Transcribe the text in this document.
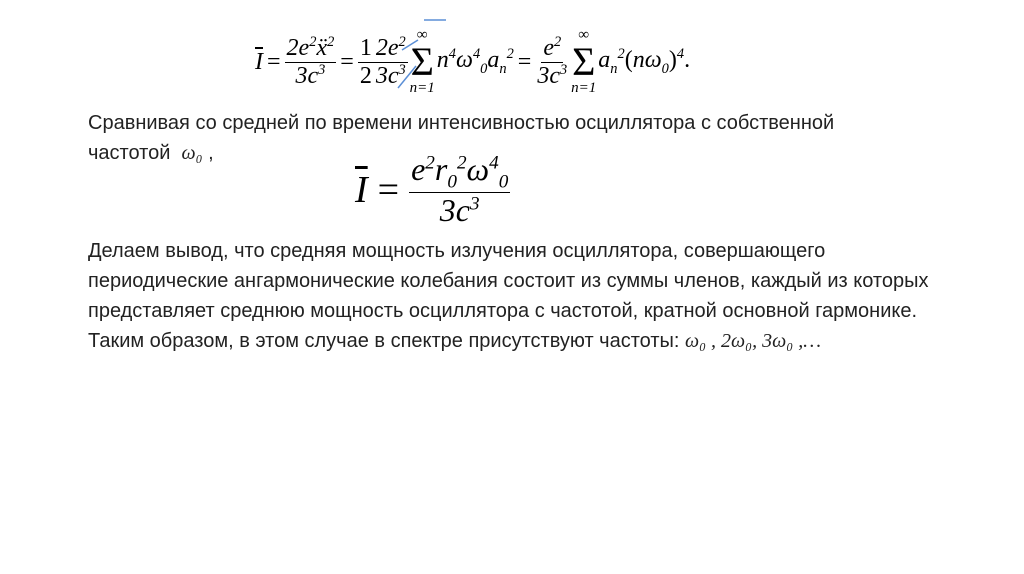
$\overline{I} = \frac{2e^2ẍ^2}{3c^3} = \frac{1}{2} \frac{2e^2}{3c^3}$
∞
Σ
n=1
$n^4\omega^4_0a_n^2 = \frac{e^2}{3c^3}$
∞
Σ
n=1
$a_n^2(n\omega_0)^4$.
Сравнивая со средней по времени интенсивностью осциллятора с собственной
частотой ω₀ ,
$\overline{I} = \frac{e^2r_0^2\omega^4_0}{3c^3}$
Делаем вывод, что средняя мощность излучения осциллятора, совершающего периодические ангармонические колебания состоит из суммы членов, каждый из которых представляет среднюю мощность осциллятора с частотой, кратной основной гармонике. Таким образом, в этом случае в спектре присутствуют частоты: ω₀ , 2ω₀, 3ω₀ ,…
